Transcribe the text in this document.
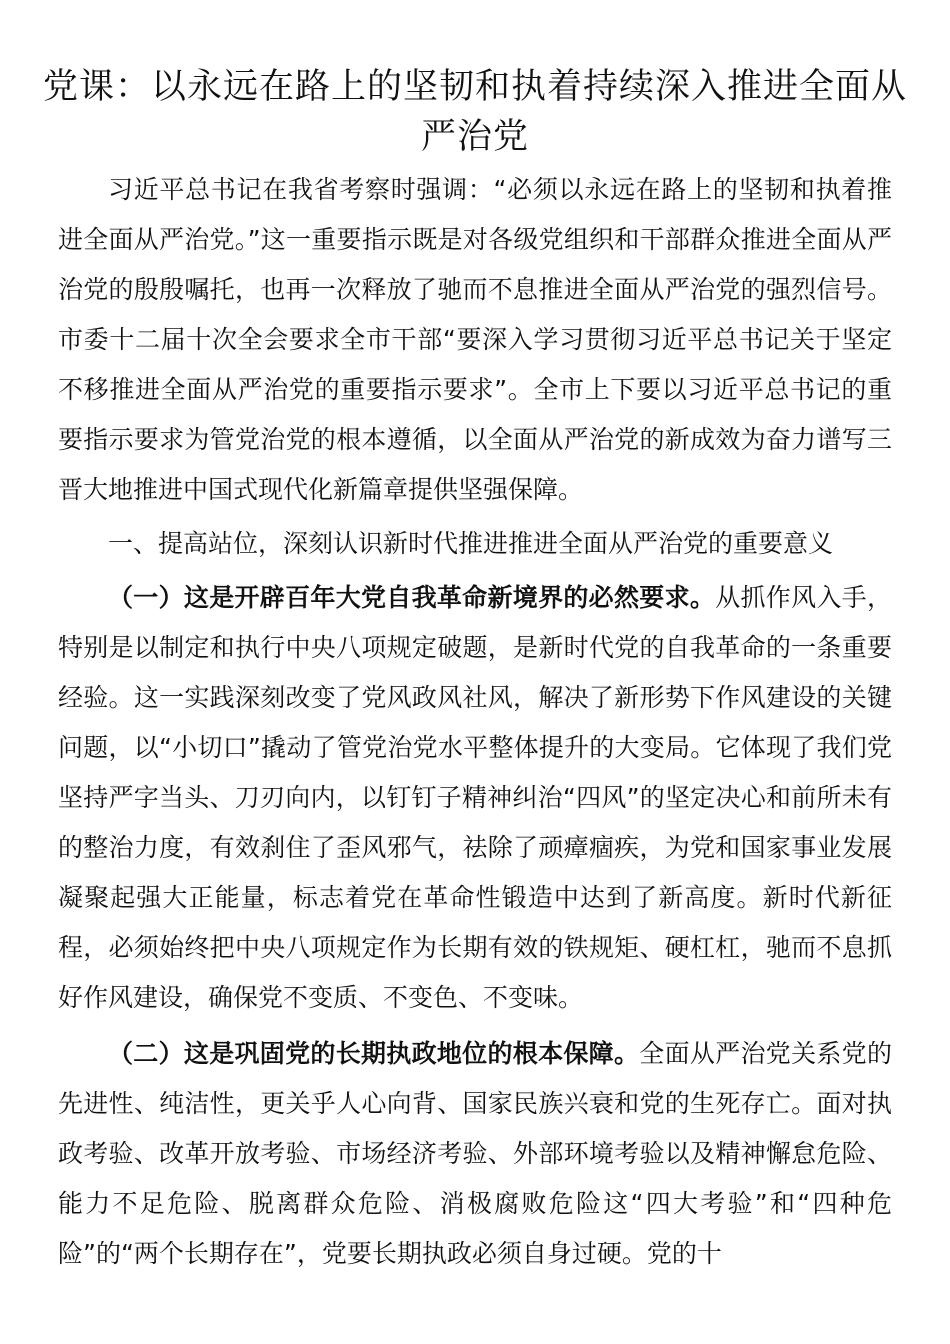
党课：以永远在路上的坚韧和执着持续深入推进全面从严治党

习近平总书记在我省考察时强调：“必须以永远在路上的坚韧和执着推进全面从严治党。”这一重要指示既是对各级党组织和干部群众推进全面从严治党的殷殷嘱托，也再一次释放了驰而不息推进全面从严治党的强烈信号。市委十二届十次全会要求全市干部“要深入学习贯彻习近平总书记关于坚定不移推进全面从严治党的重要指示要求”。全市上下要以习近平总书记的重要指示要求为管党治党的根本遵循，以全面从严治党的新成效为奋力谱写三晋大地推进中国式现代化新篇章提供坚强保障。

一、提高站位，深刻认识新时代推进推进全面从严治党的重要意义

（一）这是开辟百年大党自我革命新境界的必然要求。从抓作风入手，特别是以制定和执行中央八项规定破题，是新时代党的自我革命的一条重要经验。这一实践深刻改变了党风政风社风，解决了新形势下作风建设的关键问题，以“小切口”撬动了管党治党水平整体提升的大变局。它体现了我们党坚持严字当头、刀刃向内，以钉钉子精神纠治“四风”的坚定决心和前所未有的整治力度，有效刹住了歪风邪气，祛除了顽瘴痼疾，为党和国家事业发展凝聚起强大正能量，标志着党在革命性锻造中达到了新高度。新时代新征程，必须始终把中央八项规定作为长期有效的铁规矩、硬杠杠，驰而不息抓好作风建设，确保党不变质、不变色、不变味。

（二）这是巩固党的长期执政地位的根本保障。全面从严治党关系党的先进性、纯洁性，更关乎人心向背、国家民族兴衰和党的生死存亡。面对执政考验、改革开放考验、市场经济考验、外部环境考验以及精神懈怠危险、能力不足危险、脱离群众危险、消极腐败危险这“四大考验”和“四种危险”的“两个长期存在”，党要长期执政必须自身过硬。党的十
